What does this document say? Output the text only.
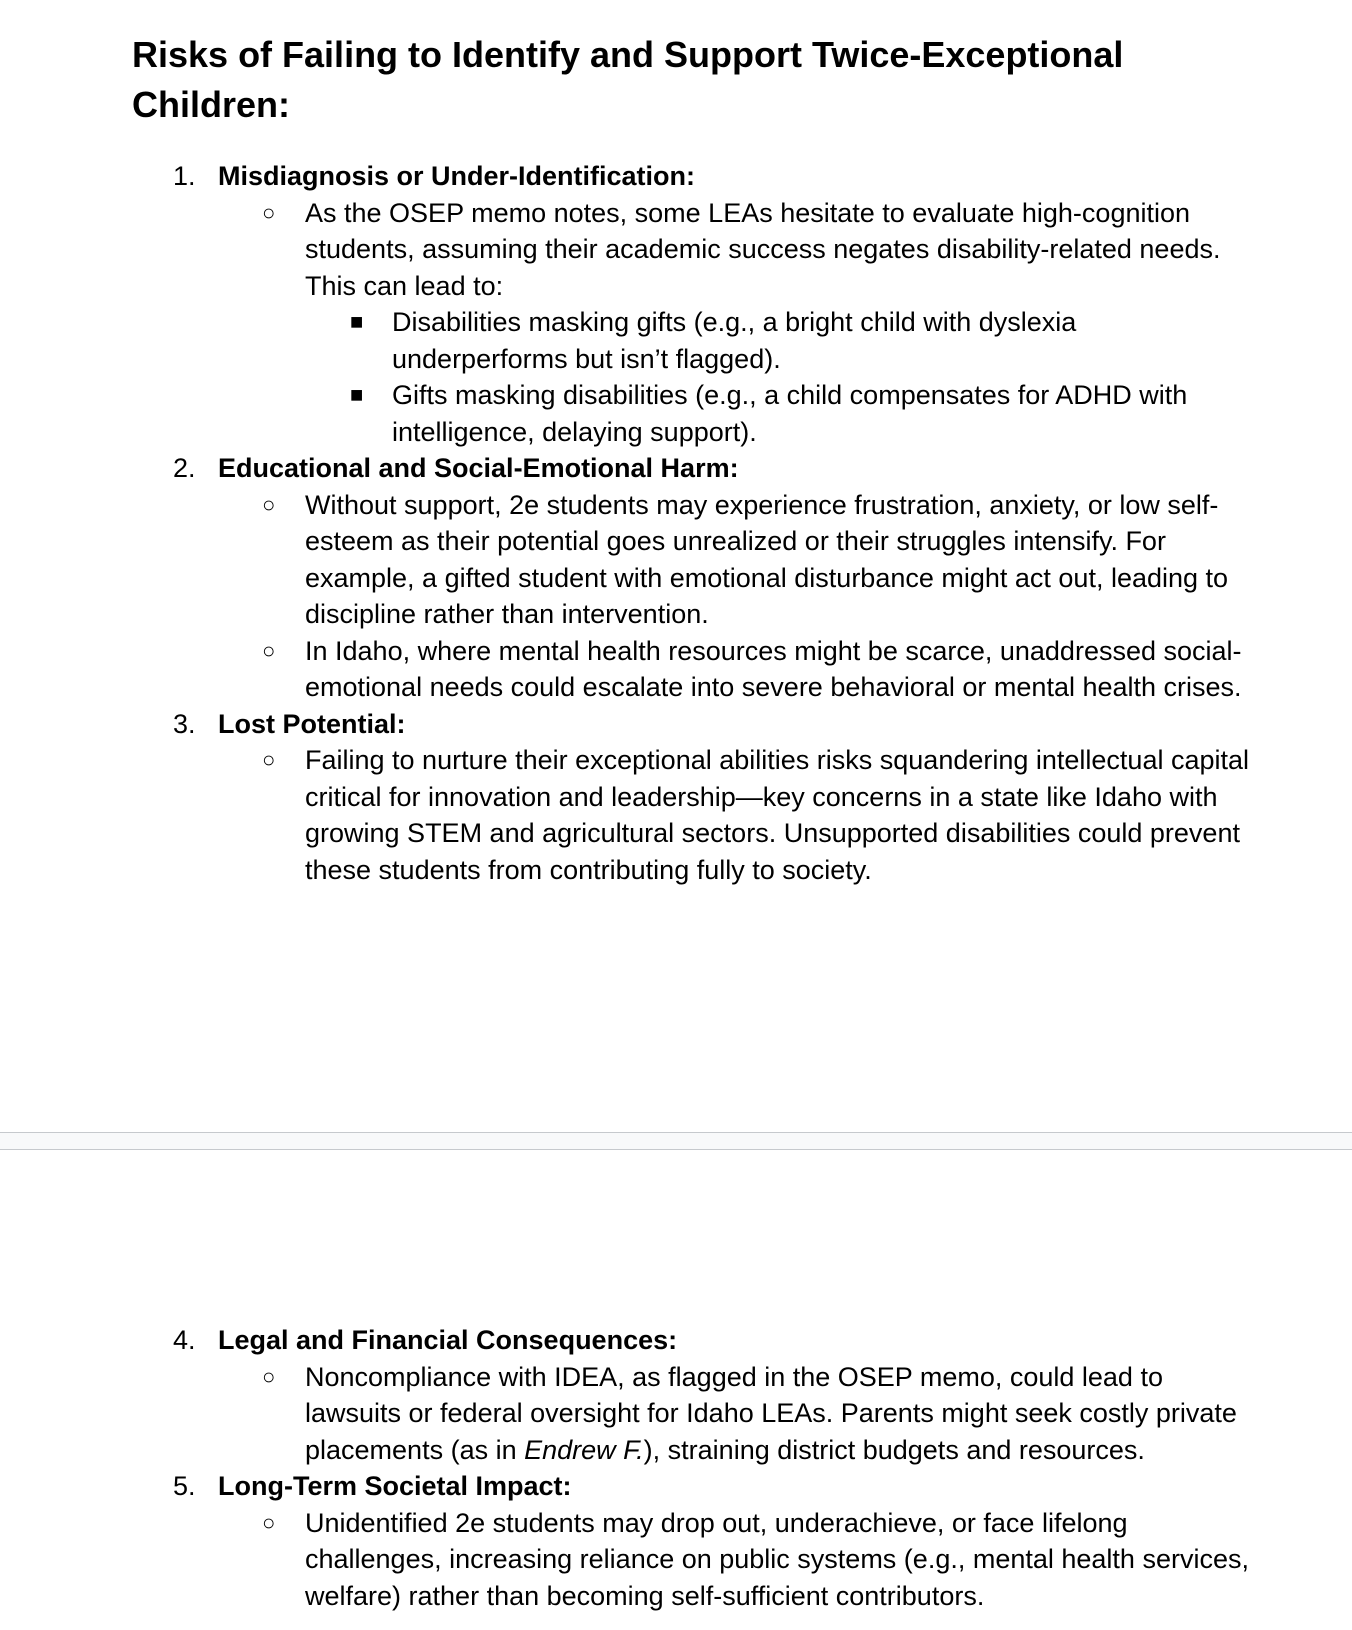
Risks of Failing to Identify and Support Twice-Exceptional Children:
1. Misdiagnosis or Under-Identification:
○ As the OSEP memo notes, some LEAs hesitate to evaluate high-cognition students, assuming their academic success negates disability-related needs. This can lead to:
■ Disabilities masking gifts (e.g., a bright child with dyslexia underperforms but isn’t flagged).
■ Gifts masking disabilities (e.g., a child compensates for ADHD with intelligence, delaying support).
2. Educational and Social-Emotional Harm:
○ Without support, 2e students may experience frustration, anxiety, or low self-esteem as their potential goes unrealized or their struggles intensify. For example, a gifted student with emotional disturbance might act out, leading to discipline rather than intervention.
○ In Idaho, where mental health resources might be scarce, unaddressed social-emotional needs could escalate into severe behavioral or mental health crises.
3. Lost Potential:
○ Failing to nurture their exceptional abilities risks squandering intellectual capital critical for innovation and leadership—key concerns in a state like Idaho with growing STEM and agricultural sectors. Unsupported disabilities could prevent these students from contributing fully to society.
4. Legal and Financial Consequences:
○ Noncompliance with IDEA, as flagged in the OSEP memo, could lead to lawsuits or federal oversight for Idaho LEAs. Parents might seek costly private placements (as in Endrew F.), straining district budgets and resources.
5. Long-Term Societal Impact:
○ Unidentified 2e students may drop out, underachieve, or face lifelong challenges, increasing reliance on public systems (e.g., mental health services, welfare) rather than becoming self-sufficient contributors.
